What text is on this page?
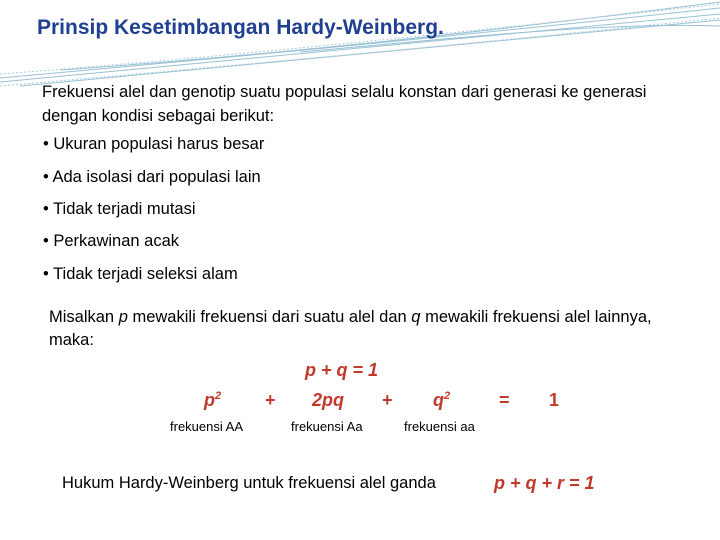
Prinsip Kesetimbangan Hardy-Weinberg.
Frekuensi alel dan genotip suatu populasi selalu konstan dari generasi ke generasi dengan kondisi sebagai berikut:
• Ukuran populasi harus besar
• Ada isolasi dari populasi lain
• Tidak terjadi mutasi
• Perkawinan acak
• Tidak terjadi seleksi alam
Misalkan p mewakili frekuensi dari suatu alel dan q mewakili frekuensi alel lainnya, maka:
p + q = 1
$p^2 + 2pq + q^2$	= 1
frekuensi AA	frekuensi Aa	frekuensi aa
Hukum Hardy-Weinberg untuk frekuensi alel ganda	p + q + r = 1
